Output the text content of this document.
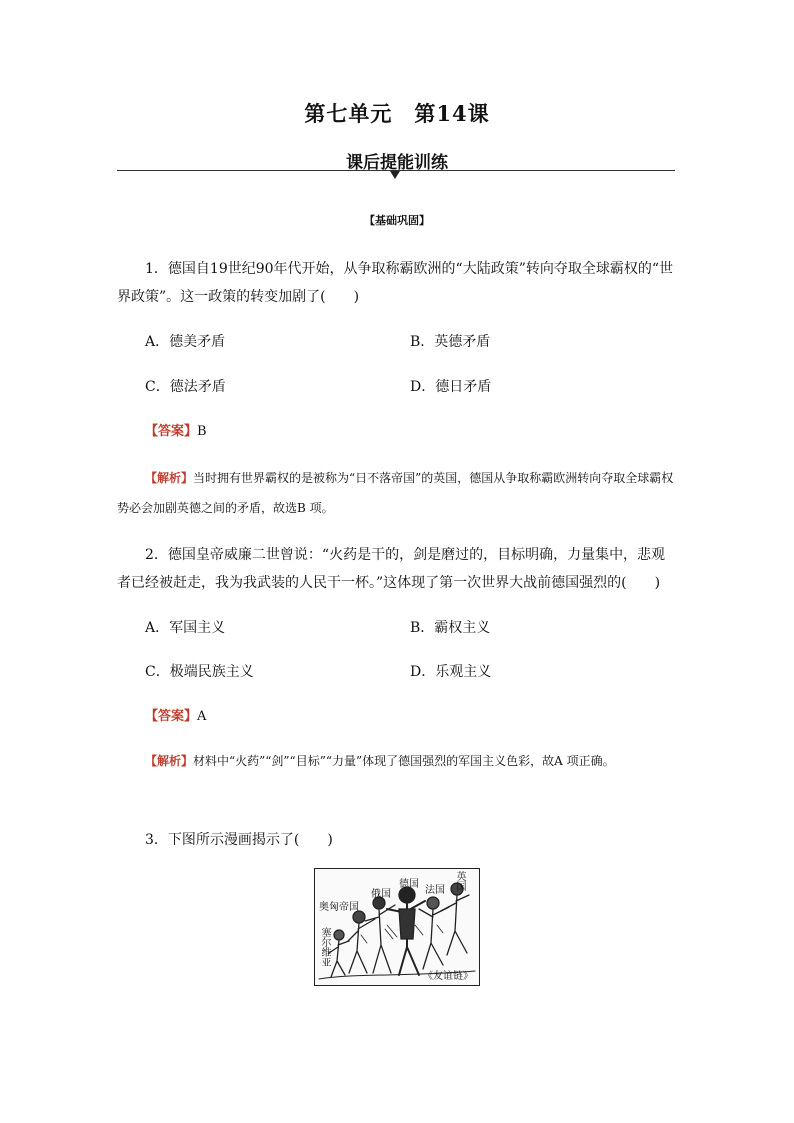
第七单元　第14课
课后提能训练
【基础巩固】
1．德国自19世纪90年代开始，从争取称霸欧洲的“大陆政策”转向夺取全球霸权的“世界政策”。这一政策的转变加剧了(　　)
A．德美矛盾	B．英德矛盾
C．德法矛盾	D．德日矛盾
【答案】B
【解析】当时拥有世界霸权的是被称为“日不落帝国”的英国，德国从争取称霸欧洲转向夺取全球霸权势必会加剧英德之间的矛盾，故选B 项。
2．德国皇帝威廉二世曾说：“火药是干的，剑是磨过的，目标明确，力量集中，悲观者已经被赶走，我为我武装的人民干一杯。”这体现了第一次世界大战前德国强烈的(　　)
A．军国主义	B．霸权主义
C．极端民族主义	D．乐观主义
【答案】A
【解析】材料中“火药”“剑”“目标”“力量”体现了德国强烈的军国主义色彩，故A 项正确。
3．下图所示漫画揭示了(　　)
英国
法国
德国
俄国
奥匈帝国
塞尔维亚
《友谊链》
